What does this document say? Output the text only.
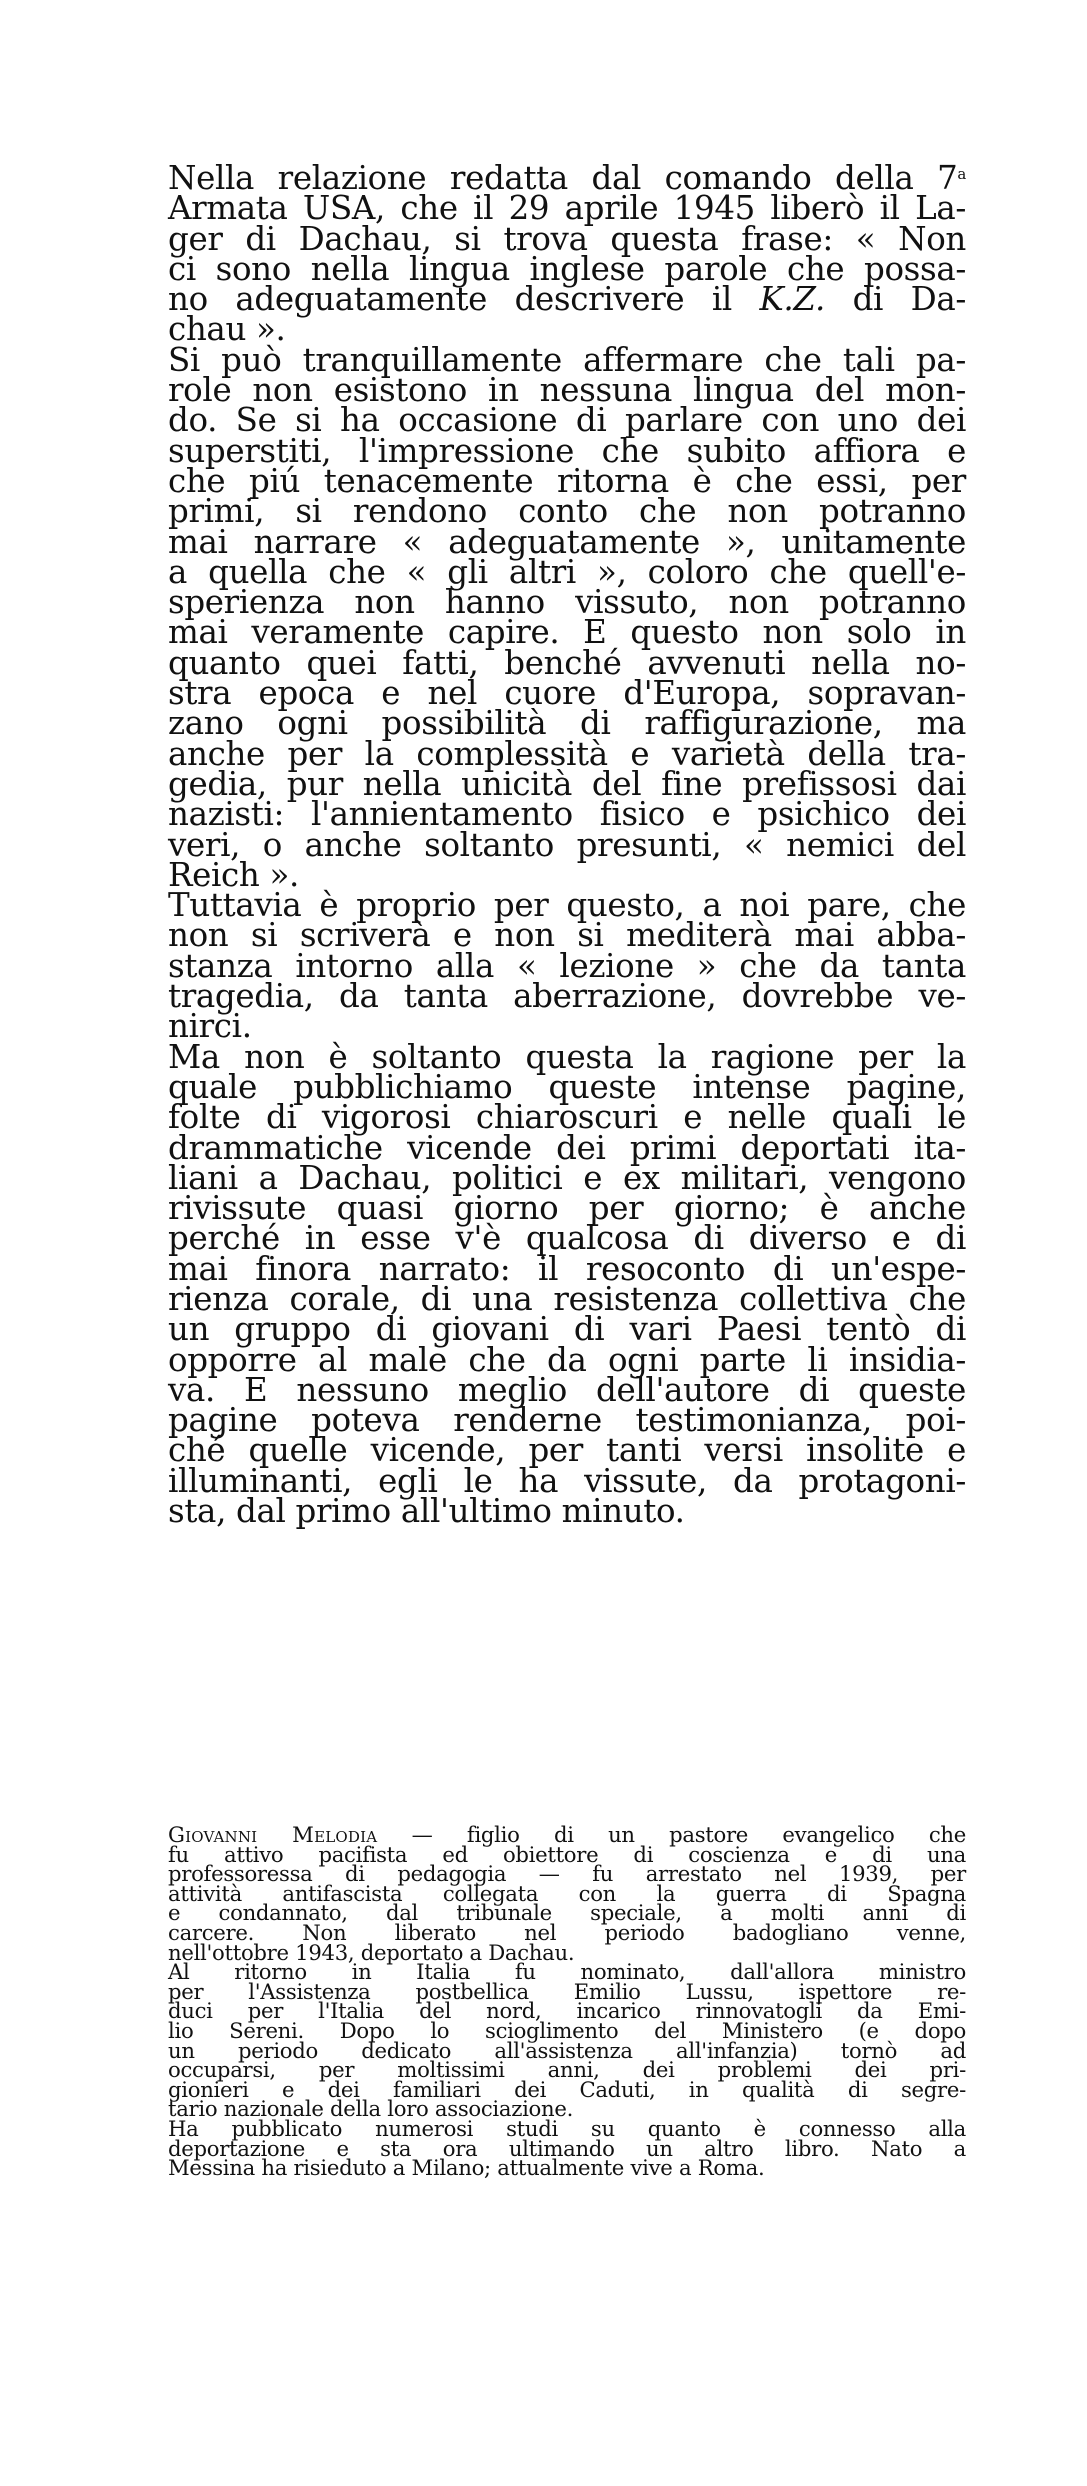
Nella relazione redatta dal comando della 7$^a$
Armata USA, che il 29 aprile 1945 liberò il La-
ger di Dachau, si trova questa frase: « Non
ci sono nella lingua inglese parole che possa-
no adeguatamente descrivere il K.Z. di Da-
chau ».
Si può tranquillamente affermare che tali pa-
role non esistono in nessuna lingua del mon-
do. Se si ha occasione di parlare con uno dei
superstiti, l'impressione che subito affiora e
che piú tenacemente ritorna è che essi, per
primi, si rendono conto che non potranno
mai narrare « adeguatamente », unitamente
a quella che « gli altri », coloro che quell'e-
sperienza non hanno vissuto, non potranno
mai veramente capire. E questo non solo in
quanto quei fatti, benché avvenuti nella no-
stra epoca e nel cuore d'Europa, sopravan-
zano ogni possibilità di raffigurazione, ma
anche per la complessità e varietà della tra-
gedia, pur nella unicità del fine prefissosi dai
nazisti: l'annientamento fisico e psichico dei
veri, o anche soltanto presunti, « nemici del
Reich ».
Tuttavia è proprio per questo, a noi pare, che
non si scriverà e non si mediterà mai abba-
stanza intorno alla « lezione » che da tanta
tragedia, da tanta aberrazione, dovrebbe ve-
nirci.
Ma non è soltanto questa la ragione per la
quale pubblichiamo queste intense pagine,
folte di vigorosi chiaroscuri e nelle quali le
drammatiche vicende dei primi deportati ita-
liani a Dachau, politici e ex militari, vengono
rivissute quasi giorno per giorno; è anche
perché in esse v'è qualcosa di diverso e di
mai finora narrato: il resoconto di un'espe-
rienza corale, di una resistenza collettiva che
un gruppo di giovani di vari Paesi tentò di
opporre al male che da ogni parte li insidia-
va. E nessuno meglio dell'autore di queste
pagine poteva renderne testimonianza, poi-
ché quelle vicende, per tanti versi insolite e
illuminanti, egli le ha vissute, da protagoni-
sta, dal primo all'ultimo minuto.
Giovanni Melodia — figlio di un pastore evangelico che
fu attivo pacifista ed obiettore di coscienza e di una
professoressa di pedagogia — fu arrestato nel 1939, per
attività antifascista collegata con la guerra di Spagna
e condannato, dal tribunale speciale, a molti anni di
carcere. Non liberato nel periodo badogliano venne,
nell'ottobre 1943, deportato a Dachau.
Al ritorno in Italia fu nominato, dall'allora ministro
per l'Assistenza postbellica Emilio Lussu, ispettore re-
duci per l'Italia del nord, incarico rinnovatogli da Emi-
lio Sereni. Dopo lo scioglimento del Ministero (e dopo
un periodo dedicato all'assistenza all'infanzia) tornò ad
occuparsi, per moltissimi anni, dei problemi dei pri-
gionieri e dei familiari dei Caduti, in qualità di segre-
tario nazionale della loro associazione.
Ha pubblicato numerosi studi su quanto è connesso alla
deportazione e sta ora ultimando un altro libro. Nato a
Messina ha risieduto a Milano; attualmente vive a Roma.
